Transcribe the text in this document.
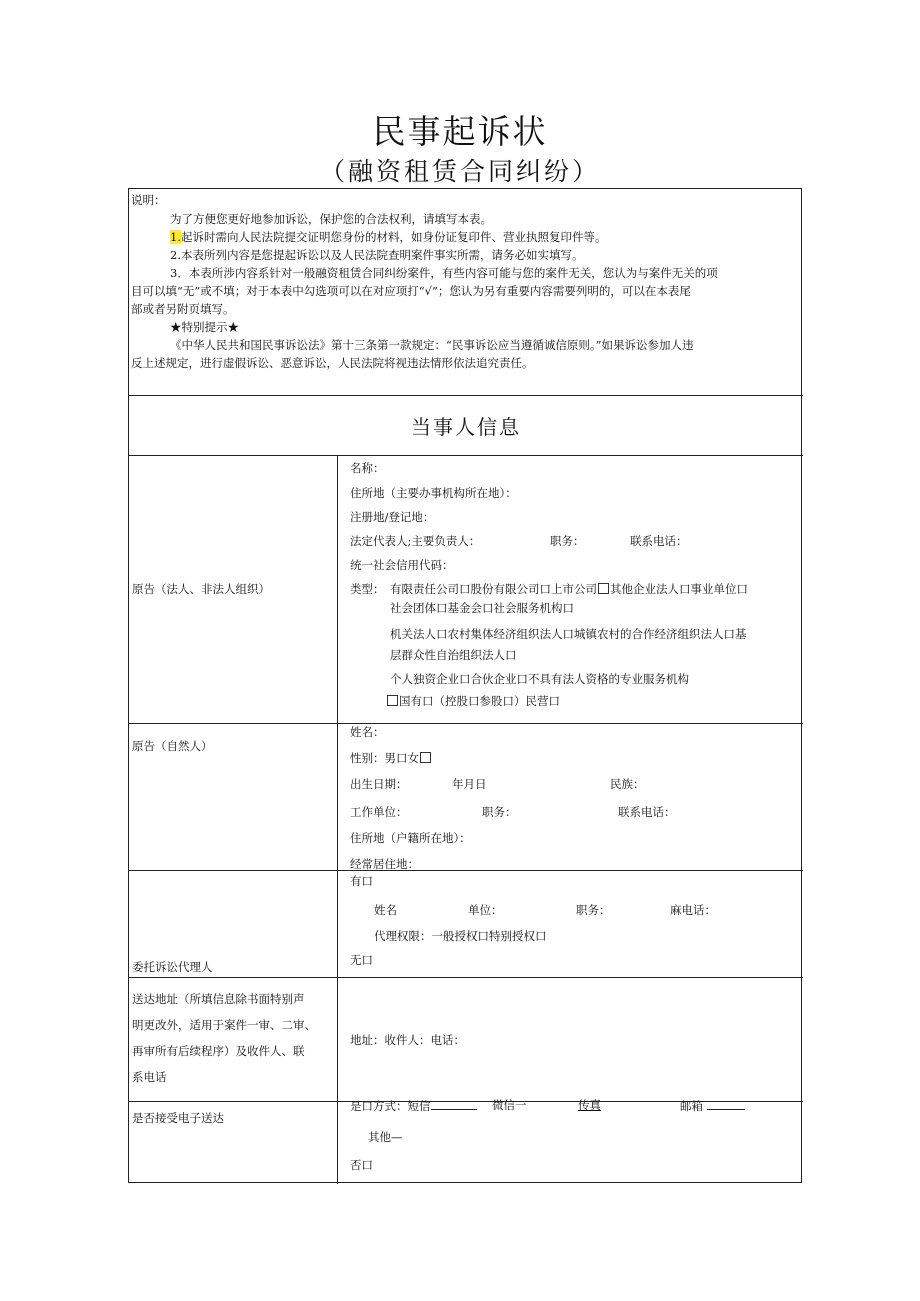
民事起诉状
（融资租赁合同纠纷）
说明：
为了方便您更好地参加诉讼，保护您的合法权利，请填写本表。
1.起诉时需向人民法院提交证明您身份的材料，如身份证复印件、营业执照复印件等。
2.本表所列内容是您提起诉讼以及人民法院查明案件事实所需，请务必如实填写。
3．本表所涉内容系针对一般融资租赁合同纠纷案件，有些内容可能与您的案件无关，您认为与案件无关的项
目可以填“无”或不填；对于本表中勾选项可以在对应项打“√”；您认为另有重要内容需要列明的，可以在本表尾
部或者另附页填写。
★特别提示★
《中华人民共和国民事诉讼法》第十三条第一款规定：“民事诉讼应当遵循诚信原则。”如果诉讼参加人违
反上述规定，进行虚假诉讼、恶意诉讼，人民法院将视违法情形依法追究责任。
当事人信息
原告（法人、非法人组织）
名称：
住所地（主要办事机构所在地）：
注册地/登记地：
法定代表人;主要负责人：	职务：	联系电话：
统一社会信用代码：
类型： 有限责任公司口股份有限公司口上市公司 其他企业法人口事业单位口
社会团体口基金会口社会服务机构口
机关法人口农村集体经济组织法人口城镇农村的合作经济组织法人口基
层群众性自治组织法人口
个人独资企业口合伙企业口不具有法人资格的专业服务机构
国有口（控股口参股口）民营口
原告（自然人）
姓名：
性别：男口女
出生日期：	年月日	民族：
工作单位：	职务：	联系电话：
住所地（户籍所在地）：
经常居住地：
委托诉讼代理人
有口
姓名	单位：	职务：	麻电话：
代理权限：一般授权口特别授权口
无口
送达地址（所填信息除书面特别声
明更改外，适用于案件一审、二审、
再审所有后续程序）及收件人、联
系电话
地址：收件人：电话：
是否接受电子送达
是口方式：短信	微信一	传真	邮箱
其他—
否口
